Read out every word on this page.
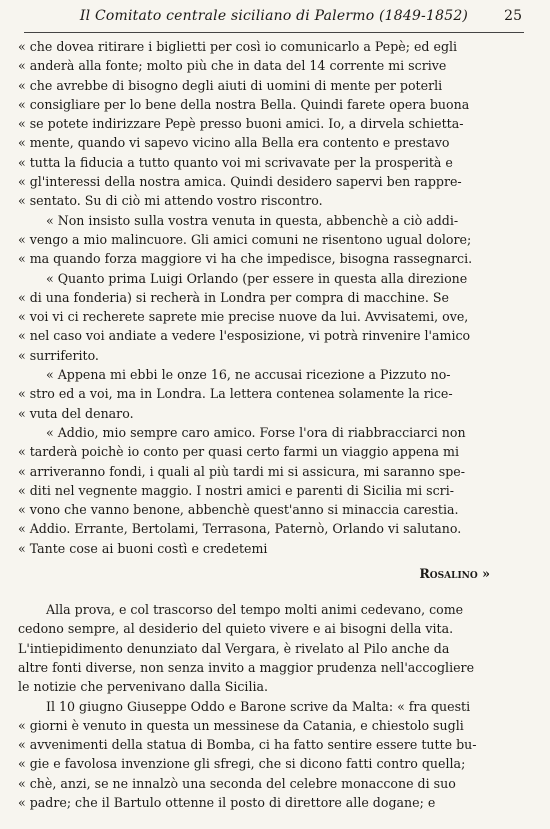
Il Comitato centrale siciliano di Palermo (1849-1852)	25
« che dovea ritirare i biglietti per così io comunicarlo a Pepè; ed egli
« anderà alla fonte; molto più che in data del 14 corrente mi scrive
« che avrebbe di bisogno degli aiuti di uomini di mente per poterli
« consigliare per lo bene della nostra Bella. Quindi farete opera buona
« se potete indirizzare Pepè presso buoni amici. Io, a dirvela schietta-
« mente, quando vi sapevo vicino alla Bella era contento e prestavo
« tutta la fiducia a tutto quanto voi mi scrivavate per la prosperità e
« gl'interessi della nostra amica. Quindi desidero sapervi ben rappre-
« sentato. Su di ciò mi attendo vostro riscontro.
« Non insisto sulla vostra venuta in questa, abbenchè a ciò addi-
« vengo a mio malincuore. Gli amici comuni ne risentono ugual dolore;
« ma quando forza maggiore vi ha che impedisce, bisogna rassegnarci.
« Quanto prima Luigi Orlando (per essere in questa alla direzione
« di una fonderia) si recherà in Londra per compra di macchine. Se
« voi vi ci recherete saprete mie precise nuove da lui. Avvisatemi, ove,
« nel caso voi andiate a vedere l'esposizione, vi potrà rinvenire l'amico
« surriferito.
« Appena mi ebbi le onze 16, ne accusai ricezione a Pizzuto no-
« stro ed a voi, ma in Londra. La lettera conteneа solamente la rice-
« vuta del denaro.
« Addio, mio sempre caro amico. Forse l'ora di riabbracciarci non
« tarderà poichè io conto per quasi certo farmi un viaggio appena mi
« arriveranno fondi, i quali al più tardi mi si assicura, mi saranno spe-
« diti nel vegnente maggio. I nostri amici e parenti di Sicilia mi scri-
« vono che vanno benone, abbenchè quest'anno si minaccia carestia.
« Addio. Errante, Bertolami, Terrasona, Paternò, Orlando vi salutano.
« Tante cose ai buoni costì e credetemi
Rosalino »
Alla prova, e col trascorso del tempo molti animi cedevano, come
cedono sempre, al desiderio del quieto vivere e ai bisogni della vita.
L'intiepidimento denunziato dal Vergara, è rivelato al Pilo anche da
altre fonti diverse, non senza invito a maggior prudenza nell'accogliere
le notizie che pervenivano dalla Sicilia.
Il 10 giugno Giuseppe Oddo e Barone scrive da Malta: « fra questi
« giorni è venuto in questa un messinese da Catania, e chiestolo sugli
« avvenimenti della statua di Bomba, ci ha fatto sentire essere tutte bu-
« gie e favolosa invenzione gli sfregi, che si dicono fatti contro quella;
« chè, anzi, se ne innalzò una seconda del celebre monaccone di suo
« padre; che il Bartulo ottenne il posto di direttore alle dogane; e
